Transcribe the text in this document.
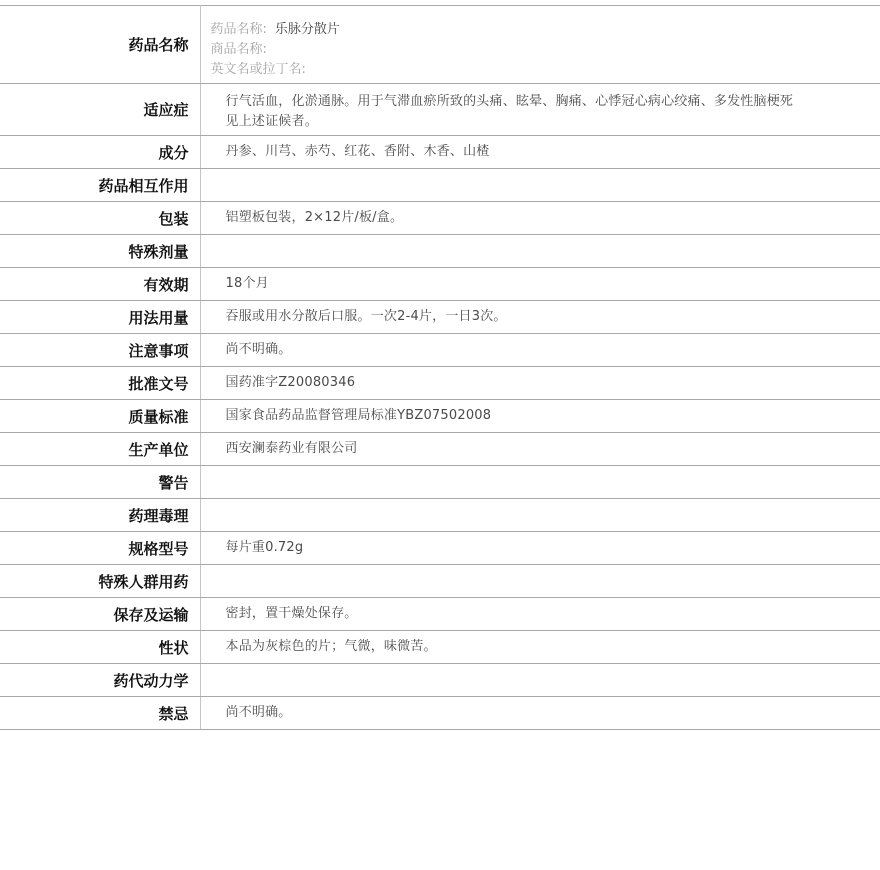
药品名称	药品名称: 乐脉分散片
商品名称:
英文名或拉丁名:

适应症	行气活血，化淤通脉。用于气滞血瘀所致的头痛、眩晕、胸痛、心悸冠心病心绞痛、多发性脑梗死见上述证候者。

成分	丹参、川芎、赤芍、红花、香附、木香、山楂
药品相互作用	
包装	铝塑板包装，2×12片/板/盒。
特殊剂量	
有效期	18个月
用法用量	吞服或用水分散后口服。一次2-4片，一日3次。
注意事项	尚不明确。
批准文号	国药准字Z20080346
质量标准	国家食品药品监督管理局标准YBZ07502008
生产单位	西安澜泰药业有限公司
警告	
药理毒理	
规格型号	每片重0.72g
特殊人群用药	
保存及运输	密封，置干燥处保存。
性状	本品为灰棕色的片；气微，味微苦。
药代动力学	
禁忌	尚不明确。
